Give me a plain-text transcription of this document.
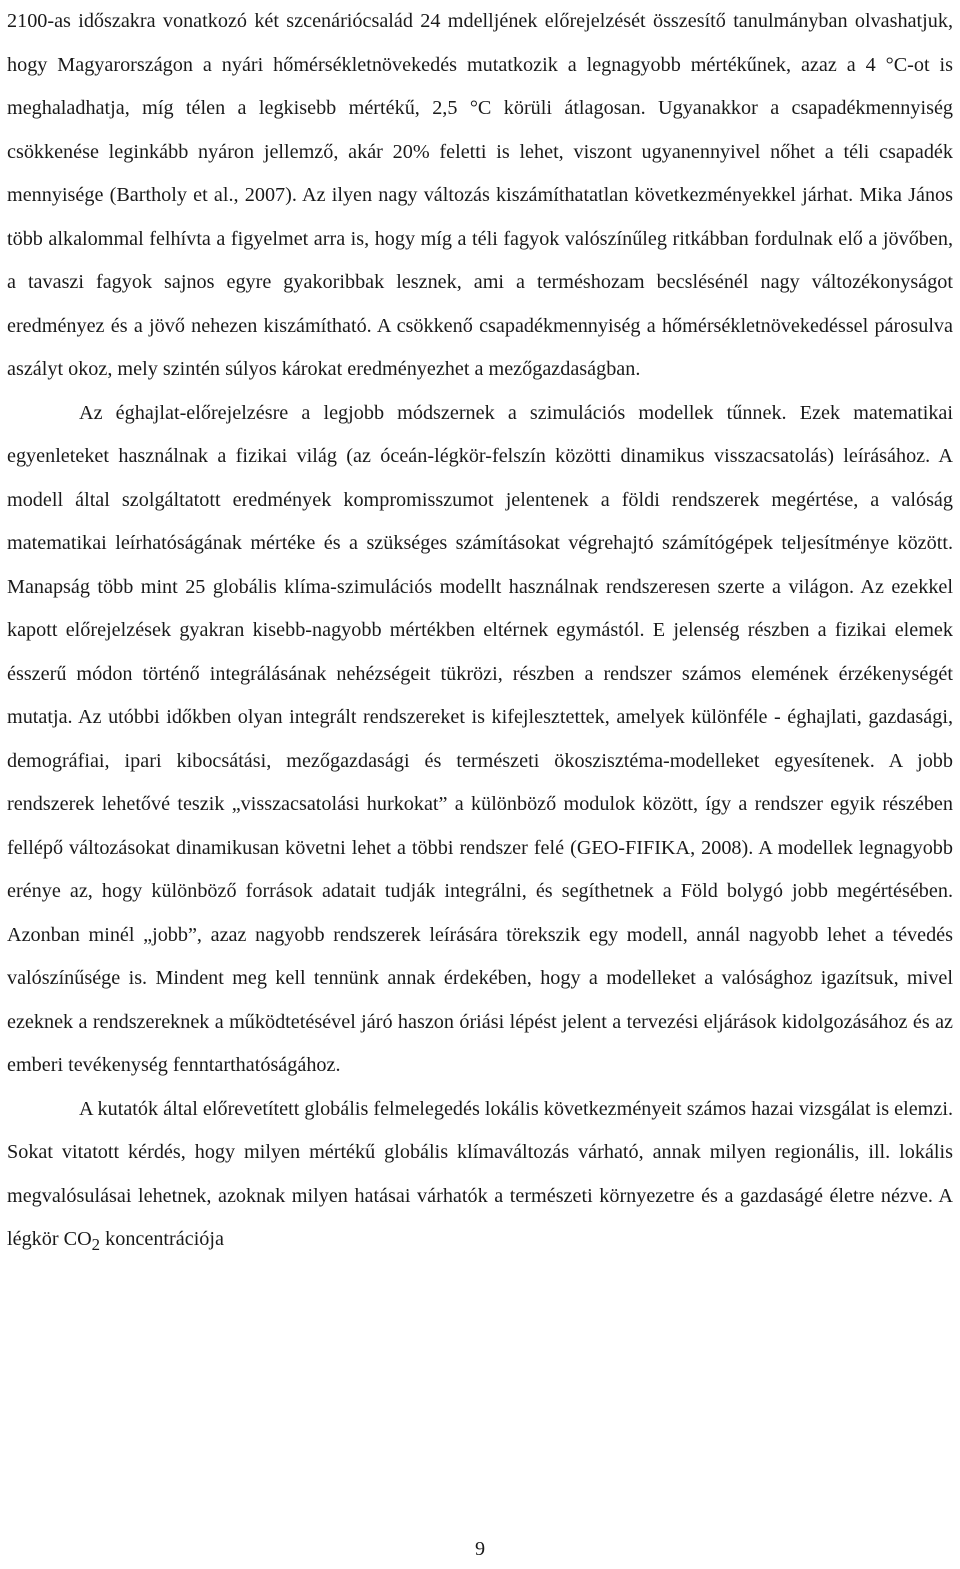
2100-as időszakra vonatkozó két szcenáriócsalád 24 mdelljének előrejelzését összesítő tanulmányban olvashatjuk, hogy Magyarországon a nyári hőmérsékletnövekedés mutatkozik a legnagyobb mértékűnek, azaz a 4 °C-ot is meghaladhatja, míg télen a legkisebb mértékű, 2,5 °C körüli átlagosan. Ugyanakkor a csapadékmennyiség csökkenése leginkább nyáron jellemző, akár 20% feletti is lehet, viszont ugyanennyivel nőhet a téli csapadék mennyisége (Bartholy et al., 2007). Az ilyen nagy változás kiszámíthatatlan következményekkel járhat. Mika János több alkalommal felhívta a figyelmet arra is, hogy míg a téli fagyok valószínűleg ritkábban fordulnak elő a jövőben, a tavaszi fagyok sajnos egyre gyakoribbak lesznek, ami a terméshozam becslésénél nagy változékonyságot eredményez és a jövő nehezen kiszámítható. A csökkenő csapadékmennyiség a hőmérsékletnövekedéssel párosulva aszályt okoz, mely szintén súlyos károkat eredményezhet a mezőgazdaságban.

Az éghajlat-előrejelzésre a legjobb módszernek a szimulációs modellek tűnnek. Ezek matematikai egyenleteket használnak a fizikai világ (az óceán-légkör-felszín közötti dinamikus visszacsatolás) leírásához. A modell által szolgáltatott eredmények kompromisszumot jelentenek a földi rendszerek megértése, a valóság matematikai leírhatóságának mértéke és a szükséges számításokat végrehajtó számítógépek teljesítménye között. Manapság több mint 25 globális klíma-szimulációs modellt használnak rendszeresen szerte a világon. Az ezekkel kapott előrejelzések gyakran kisebb-nagyobb mértékben eltérnek egymástól. E jelenség részben a fizikai elemek ésszerű módon történő integrálásának nehézségeit tükrözi, részben a rendszer számos elemének érzékenységét mutatja. Az utóbbi időkben olyan integrált rendszereket is kifejlesztettek, amelyek különféle - éghajlati, gazdasági, demográfiai, ipari kibocsátási, mezőgazdasági és természeti ökoszisztéma-modelleket egyesítenek. A jobb rendszerek lehetővé teszik „visszacsatolási hurkokat” a különböző modulok között, így a rendszer egyik részében fellépő változásokat dinamikusan követni lehet a többi rendszer felé (GEO-FIFIKA, 2008). A modellek legnagyobb erénye az, hogy különböző források adatait tudják integrálni, és segíthetnek a Föld bolygó jobb megértésében. Azonban minél „jobb”, azaz nagyobb rendszerek leírására törekszik egy modell, annál nagyobb lehet a tévedés valószínűsége is. Mindent meg kell tennünk annak érdekében, hogy a modelleket a valósághoz igazítsuk, mivel ezeknek a rendszereknek a működtetésével járó haszon óriási lépést jelent a tervezési eljárások kidolgozásához és az emberi tevékenység fenntarthatóságához.

A kutatók által előrevetített globális felmelegedés lokális következményeit számos hazai vizsgálat is elemzi. Sokat vitatott kérdés, hogy milyen mértékű globális klímaváltozás várható, annak milyen regionális, ill. lokális megvalósulásai lehetnek, azoknak milyen hatásai várhatók a természeti környezetre és a gazdaságé életre nézve. A légkör $CO_2$ koncentrációja

9
